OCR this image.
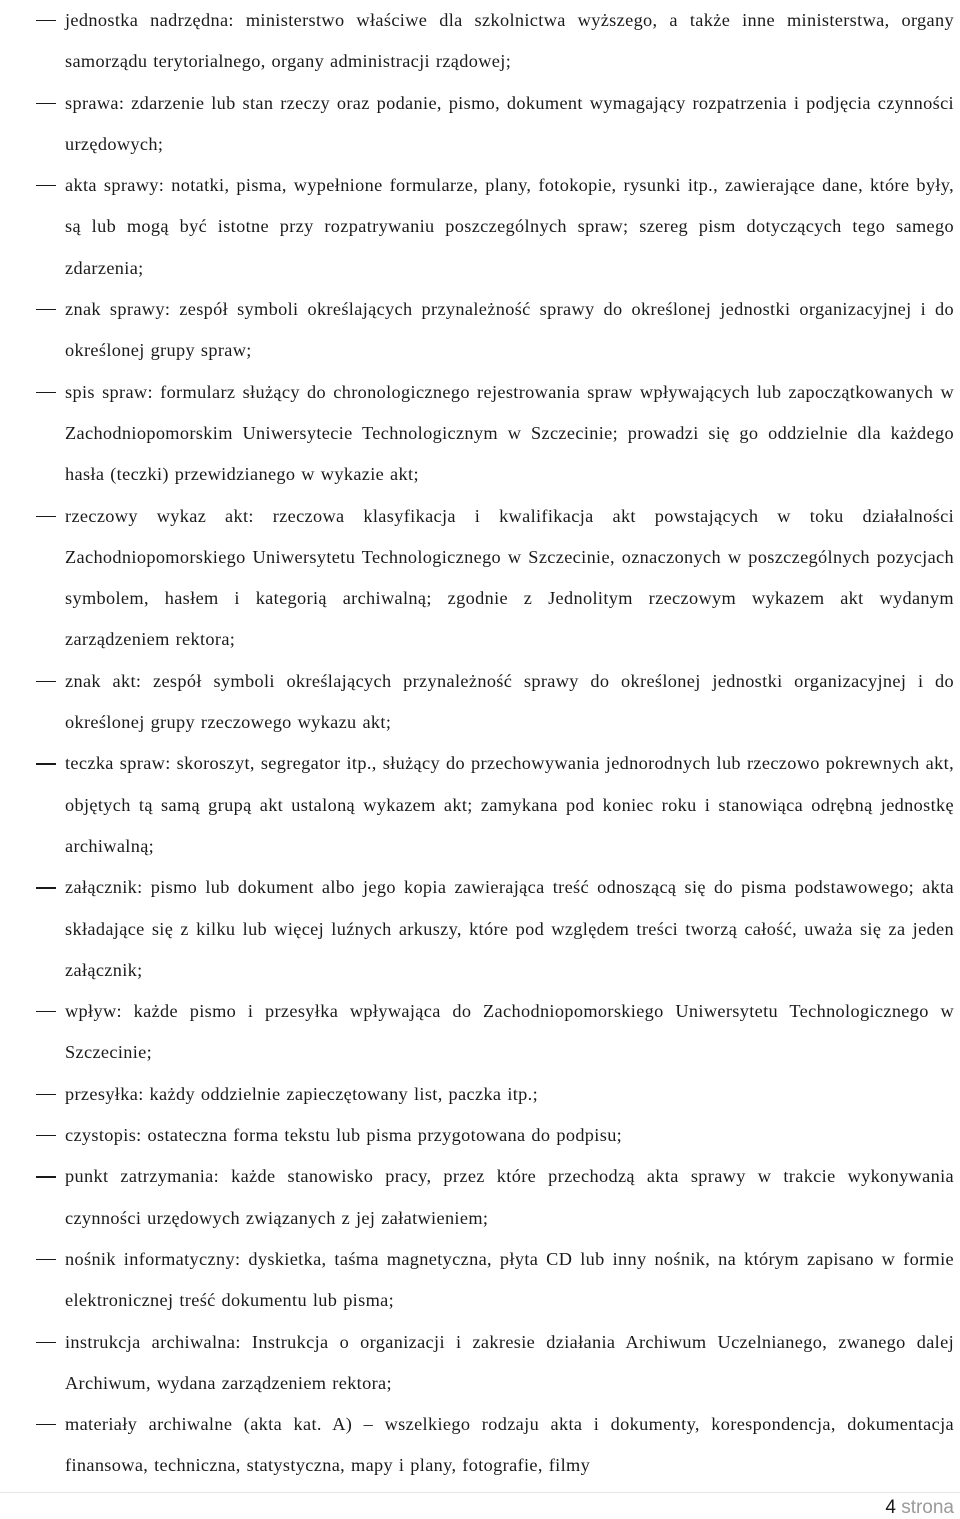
jednostka nadrzędna: ministerstwo właściwe dla szkolnictwa wyższego, a także inne ministerstwa, organy samorządu terytorialnego, organy administracji rządowej;
sprawa: zdarzenie lub stan rzeczy oraz podanie, pismo, dokument wymagający rozpatrzenia i podjęcia czynności urzędowych;
akta sprawy: notatki, pisma, wypełnione formularze, plany, fotokopie, rysunki itp., zawierające dane, które były, są lub mogą być istotne przy rozpatrywaniu poszczególnych spraw; szereg pism dotyczących tego samego zdarzenia;
znak sprawy: zespół symboli określających przynależność sprawy do określonej jednostki organizacyjnej i do określonej grupy spraw;
spis spraw: formularz służący do chronologicznego rejestrowania spraw wpływających lub zapoczątkowanych w Zachodniopomorskim Uniwersytecie Technologicznym w Szczecinie; prowadzi się go oddzielnie dla każdego hasła (teczki) przewidzianego w wykazie akt;
rzeczowy wykaz akt: rzeczowa klasyfikacja i kwalifikacja akt powstających w toku działalności Zachodniopomorskiego Uniwersytetu Technologicznego w Szczecinie, oznaczonych w poszczególnych pozycjach symbolem, hasłem i kategorią archiwalną; zgodnie z Jednolitym rzeczowym wykazem akt wydanym zarządzeniem rektora;
znak akt: zespół symboli określających przynależność sprawy do określonej jednostki organizacyjnej i do określonej grupy rzeczowego wykazu akt;
teczka spraw: skoroszyt, segregator itp., służący do przechowywania jednorodnych lub rzeczowo pokrewnych akt, objętych tą samą grupą akt ustaloną wykazem akt; zamykana pod koniec roku i stanowiąca odrębną jednostkę archiwalną;
załącznik: pismo lub dokument albo jego kopia zawierająca treść odnoszącą się do pisma podstawowego; akta składające się z kilku lub więcej luźnych arkuszy, które pod względem treści tworzą całość, uważa się za jeden załącznik;
wpływ: każde pismo i przesyłka wpływająca do Zachodniopomorskiego Uniwersytetu Technologicznego w Szczecinie;
przesyłka: każdy oddzielnie zapieczętowany list, paczka itp.;
czystopis: ostateczna forma tekstu lub pisma przygotowana do podpisu;
punkt zatrzymania: każde stanowisko pracy, przez które przechodzą akta sprawy w trakcie wykonywania czynności urzędowych związanych z jej załatwieniem;
nośnik informatyczny: dyskietka, taśma magnetyczna, płyta CD lub inny nośnik, na którym zapisano w formie elektronicznej treść dokumentu lub pisma;
instrukcja archiwalna: Instrukcja o organizacji i zakresie działania Archiwum Uczelnianego, zwanego dalej Archiwum, wydana zarządzeniem rektora;
materiały archiwalne (akta kat. A) – wszelkiego rodzaju akta i dokumenty, korespondencja, dokumentacja finansowa, techniczna, statystyczna, mapy i plany, fotografie, filmy
4 strona
